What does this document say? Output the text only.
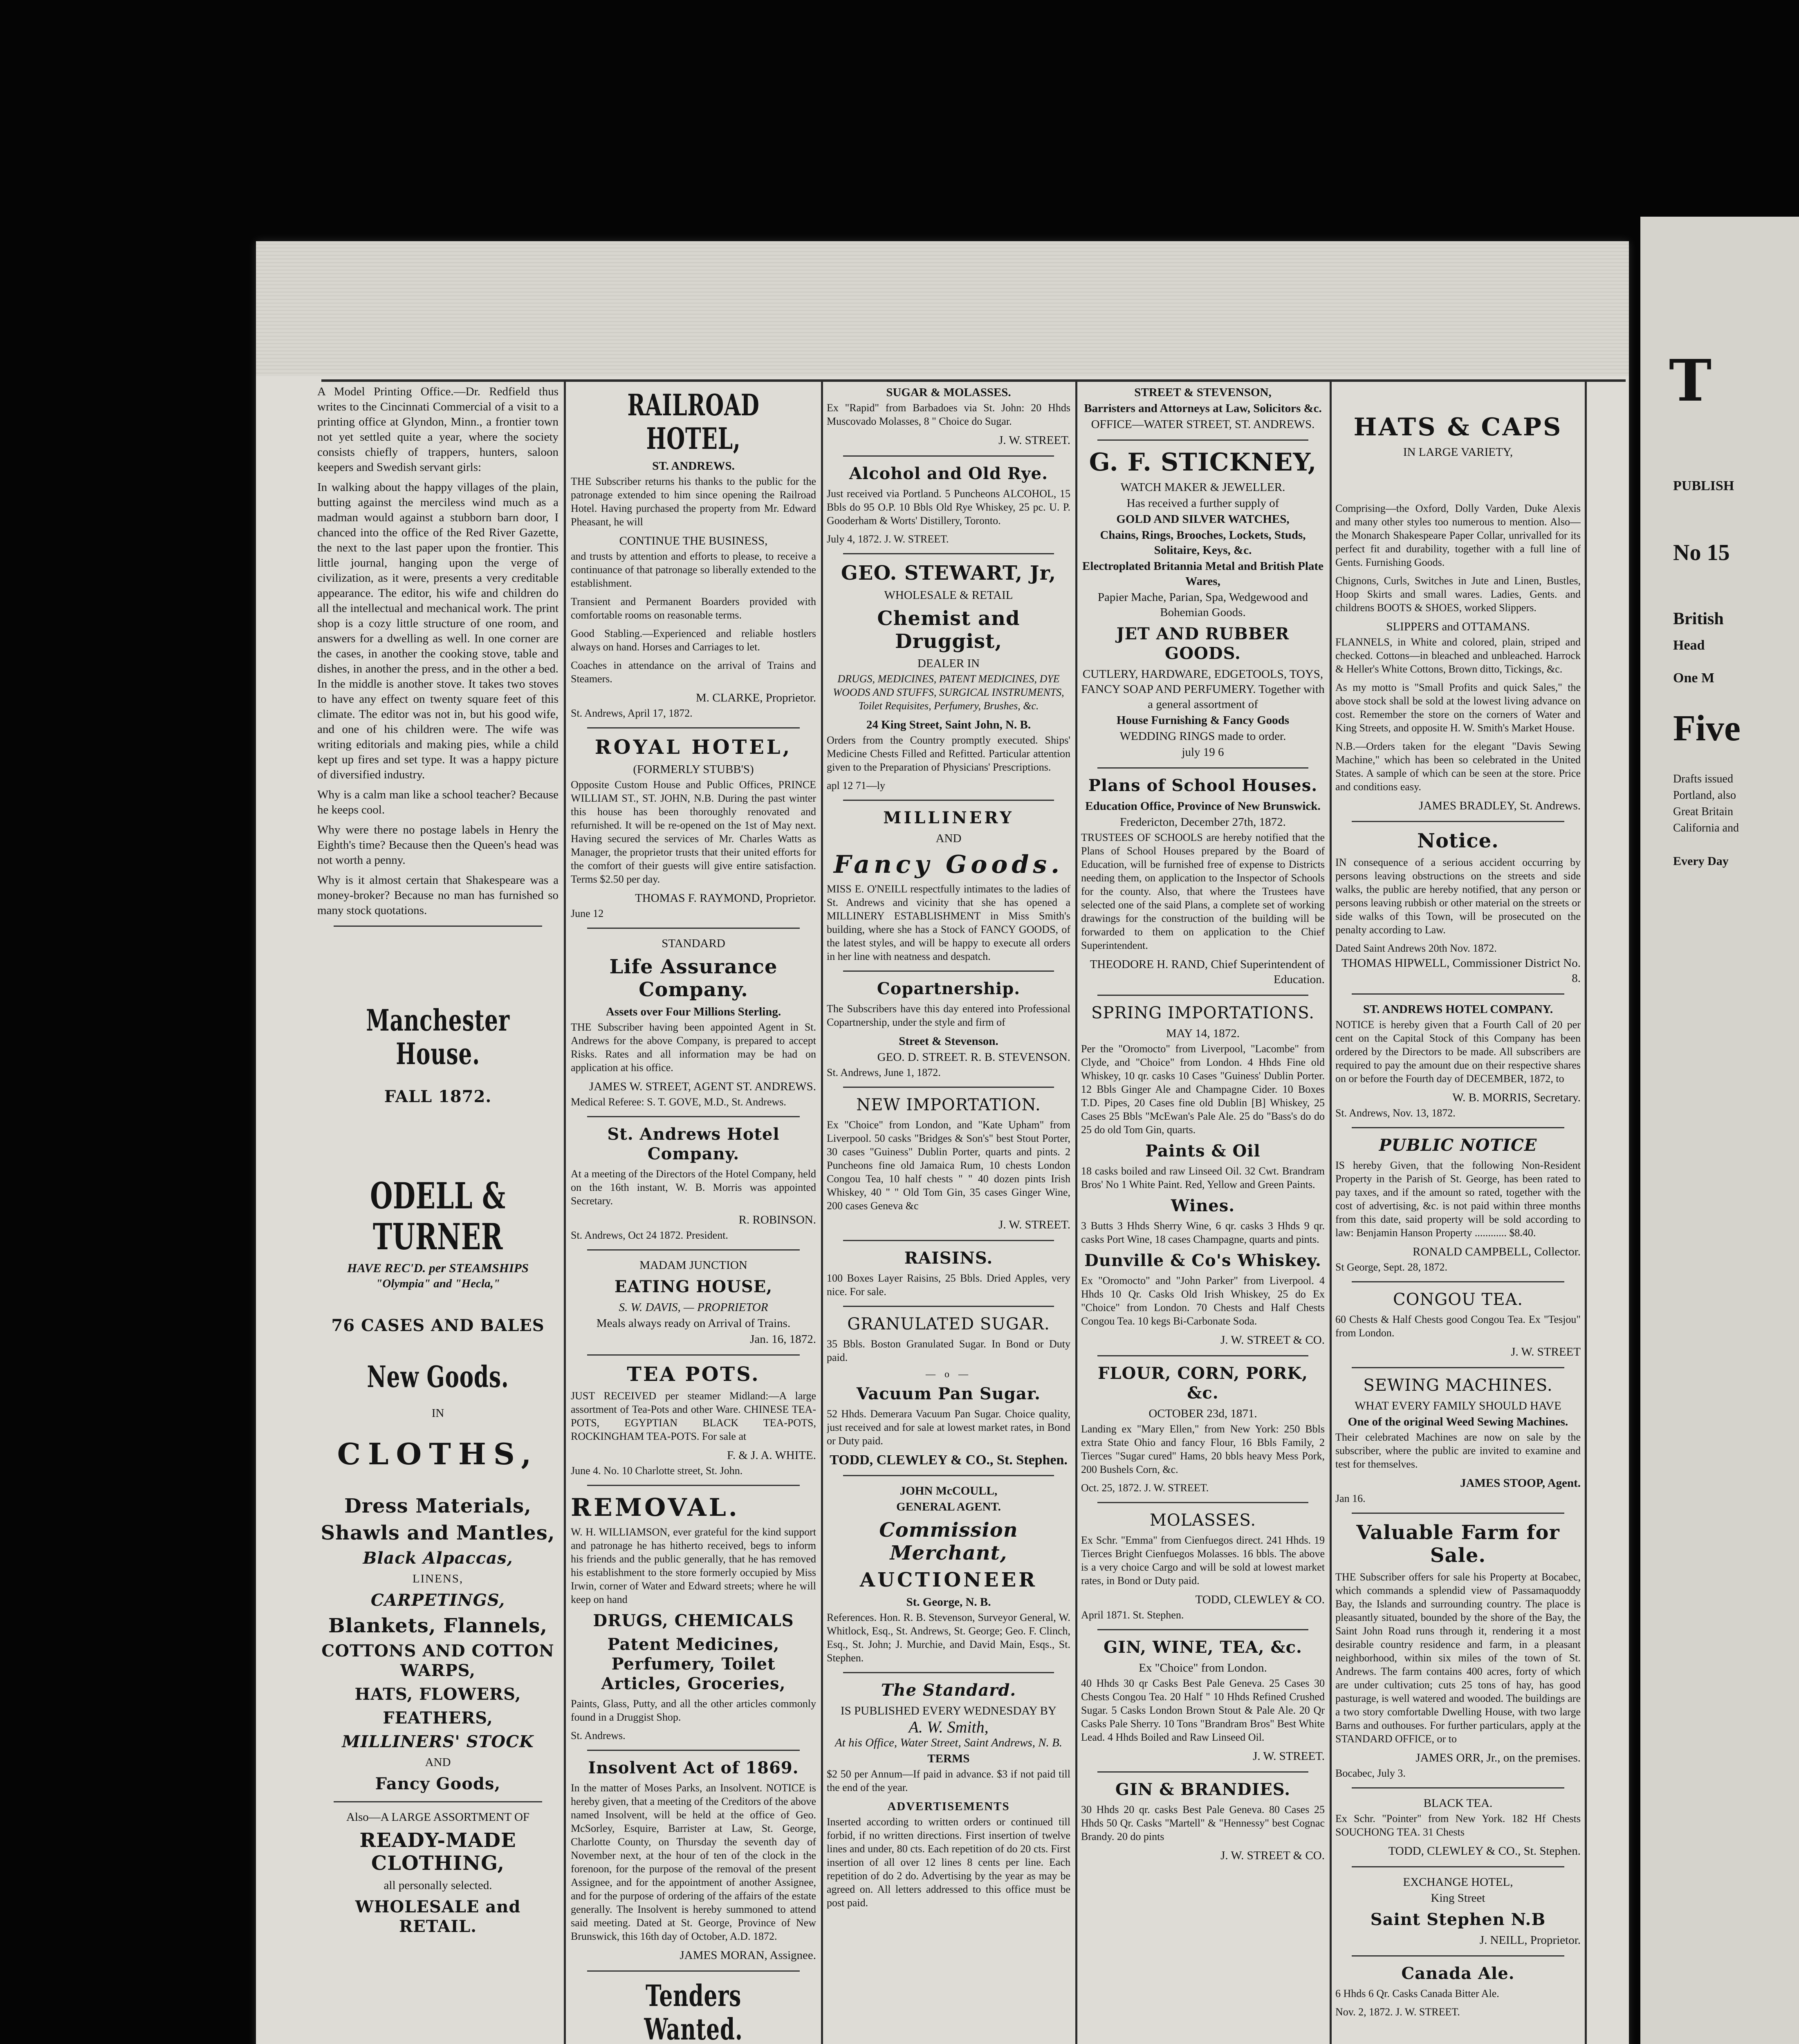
A Model Printing Office.—Dr. Redfield thus writes to the Cincinnati Commercial of a visit to a printing office at Glyndon, Minn., a frontier town not yet settled quite a year, where the society consists chiefly of trappers, hunters, saloon keepers and Swedish servant girls:

In walking about the happy villages of the plain, butting against the merciless wind much as a madman would against a stubborn barn door, I chanced into the office of the Red River Gazette, the next to the last paper upon the frontier. This little journal, hanging upon the verge of civilization, as it were, presents a very creditable appearance. The editor, his wife and children do all the intellectual and mechanical work. The print shop is a cozy little structure of one room, and answers for a dwelling as well. In one corner are the cases, in another the cooking stove, table and dishes, in another the press, and in the other a bed. In the middle is another stove. It takes two stoves to have any effect on twenty square feet of this climate. The editor was not in, but his good wife, and one of his children were. The wife was writing editorials and making pies, while a child kept up fires and set type. It was a happy picture of diversified industry.

Why is a calm man like a school teacher? Because he keeps cool.

Why were there no postage labels in Henry the Eighth's time? Because then the Queen's head was not worth a penny.

Why is it almost certain that Shakespeare was a money-broker? Because no man has furnished so many stock quotations.

Manchester House.
FALL 1872.
ODELL & TURNER
HAVE REC'D. per STEAMSHIPS
"Olympia" and "Hecla,"
76 CASES AND BALES
New Goods.
IN
CLOTHS,
Dress Materials,
Shawls and Mantles,
Black Alpaccas,
LINENS,
CARPETINGS,
Blankets, Flannels,
COTTONS AND COTTON WARPS,
HATS, FLOWERS,
FEATHERS,
MILLINERS' STOCK
AND
Fancy Goods,
Also—A LARGE ASSORTMENT OF
READY-MADE CLOTHING,
all personally selected.
WHOLESALE and RETAIL.
RAILROAD HOTEL,
ST. ANDREWS.

THE Subscriber returns his thanks to the public for the patronage extended to him since opening the Railroad Hotel. Having purchased the property from Mr. Edward Pheasant, he will

CONTINUE THE BUSINESS,

and trusts by attention and efforts to please, to receive a continuance of that patronage so liberally extended to the establishment.

Transient and Permanent Boarders provided with comfortable rooms on reasonable terms.

Good Stabling.—Experienced and reliable hostlers always on hand. Horses and Carriages to let.

Coaches in attendance on the arrival of Trains and Steamers.

M. CLARKE, Proprietor.
St. Andrews, April 17, 1872.
ROYAL HOTEL,
(FORMERLY STUBB'S)

Opposite Custom House and Public Offices, PRINCE WILLIAM ST., ST. JOHN, N.B. During the past winter this house has been thoroughly renovated and refurnished. It will be re-opened on the 1st of May next. Having secured the services of Mr. Charles Watts as Manager, the proprietor trusts that their united efforts for the comfort of their guests will give entire satisfaction. Terms $2.50 per day.

THOMAS F. RAYMOND, Proprietor.
June 12
STANDARD
Life Assurance Company.
Assets over Four Millions Sterling.

THE Subscriber having been appointed Agent in St. Andrews for the above Company, is prepared to accept Risks. Rates and all information may be had on application at his office.

JAMES W. STREET, AGENT ST. ANDREWS.
Medical Referee: S. T. GOVE, M.D., St. Andrews.
St. Andrews Hotel Company.

At a meeting of the Directors of the Hotel Company, held on the 16th instant, W. B. Morris was appointed Secretary.

R. ROBINSON.
St. Andrews, Oct 24 1872. President.
MADAM JUNCTION
EATING HOUSE,
S. W. DAVIS, — PROPRIETOR
Meals always ready on Arrival of Trains.
Jan. 16, 1872.
TEA POTS.

JUST RECEIVED per steamer Midland:—A large assortment of Tea-Pots and other Ware. CHINESE TEA-POTS, EGYPTIAN BLACK TEA-POTS, ROCKINGHAM TEA-POTS. For sale at

F. & J. A. WHITE.
June 4. No. 10 Charlotte street, St. John.
REMOVAL.

W. H. WILLIAMSON, ever grateful for the kind support and patronage he has hitherto received, begs to inform his friends and the public generally, that he has removed his establishment to the store formerly occupied by Miss Irwin, corner of Water and Edward streets; where he will keep on hand

DRUGS, CHEMICALS
Patent Medicines, Perfumery, Toilet Articles, Groceries,

Paints, Glass, Putty, and all the other articles commonly found in a Druggist Shop.

St. Andrews.
Insolvent Act of 1869.

In the matter of Moses Parks, an Insolvent. NOTICE is hereby given, that a meeting of the Creditors of the above named Insolvent, will be held at the office of Geo. McSorley, Esquire, Barrister at Law, St. George, Charlotte County, on Thursday the seventh day of November next, at the hour of ten of the clock in the forenoon, for the purpose of the removal of the present Assignee, and for the appointment of another Assignee, and for the purpose of ordering of the affairs of the estate generally. The Insolvent is hereby summoned to attend said meeting. Dated at St. George, Province of New Brunswick, this 16th day of October, A.D. 1872.

JAMES MORAN, Assignee.
Tenders Wanted.

SUGAR & MOLASSES.

Ex "Rapid" from Barbadoes via St. John: 20 Hhds Muscovado Molasses, 8 " Choice do Sugar.

J. W. STREET.
Alcohol and Old Rye.

Just received via Portland. 5 Puncheons ALCOHOL, 15 Bbls do 95 O.P. 10 Bbls Old Rye Whiskey, 25 pc. U. P. Gooderham & Worts' Distillery, Toronto.

July 4, 1872. J. W. STREET.
GEO. STEWART, Jr,
WHOLESALE & RETAIL
Chemist and Druggist,
DEALER IN

DRUGS, MEDICINES, PATENT MEDICINES, DYE WOODS AND STUFFS, SURGICAL INSTRUMENTS, Toilet Requisites, Perfumery, Brushes, &c.

24 King Street, Saint John, N. B.

Orders from the Country promptly executed. Ships' Medicine Chests Filled and Refitted. Particular attention given to the Preparation of Physicians' Prescriptions.

apl 12 71—ly
MILLINERY
AND
Fancy Goods.

MISS E. O'NEILL respectfully intimates to the ladies of St. Andrews and vicinity that she has opened a MILLINERY ESTABLISHMENT in Miss Smith's building, where she has a Stock of FANCY GOODS, of the latest styles, and will be happy to execute all orders in her line with neatness and despatch.

Copartnership.

The Subscribers have this day entered into Professional Copartnership, under the style and firm of

Street & Stevenson.
GEO. D. STREET. R. B. STEVENSON.
St. Andrews, June 1, 1872.
NEW IMPORTATION.

Ex "Choice" from London, and "Kate Upham" from Liverpool. 50 casks "Bridges & Son's" best Stout Porter, 30 cases "Guiness" Dublin Porter, quarts and pints. 2 Puncheons fine old Jamaica Rum, 10 chests London Congou Tea, 10 half chests " " 40 dozen pints Irish Whiskey, 40 " " Old Tom Gin, 35 cases Ginger Wine, 200 cases Geneva &c

J. W. STREET.
RAISINS.

100 Boxes Layer Raisins, 25 Bbls. Dried Apples, very nice. For sale.

GRANULATED SUGAR.

35 Bbls. Boston Granulated Sugar. In Bond or Duty paid.

— o —
Vacuum Pan Sugar.

52 Hhds. Demerara Vacuum Pan Sugar. Choice quality, just received and for sale at lowest market rates, in Bond or Duty paid.

TODD, CLEWLEY & CO., St. Stephen.
JOHN McCOULL,
GENERAL AGENT.
Commission Merchant,
AUCTIONEER
St. George, N. B.

References. Hon. R. B. Stevenson, Surveyor General, W. Whitlock, Esq., St. Andrews, St. George; Geo. F. Clinch, Esq., St. John; J. Murchie, and David Main, Esqs., St. Stephen.

The Standard.
IS PUBLISHED EVERY WEDNESDAY BY
A. W. Smith,
At his Office, Water Street, Saint Andrews, N. B.
TERMS

$2 50 per Annum—If paid in advance. $3 if not paid till the end of the year.

ADVERTISEMENTS

Inserted according to written orders or continued till forbid, if no written directions. First insertion of twelve lines and under, 80 cts. Each repetition of do 20 cts. First insertion of all over 12 lines 8 cents per line. Each repetition of do 2 do. Advertising by the year as may be agreed on. All letters addressed to this office must be post paid.

STREET & STEVENSON,
Barristers and Attorneys at Law, Solicitors &c.
OFFICE—WATER STREET, ST. ANDREWS.
G. F. STICKNEY,
WATCH MAKER & JEWELLER.
Has received a further supply of
GOLD AND SILVER WATCHES,
Chains, Rings, Brooches, Lockets, Studs, Solitaire, Keys, &c.
Electroplated Britannia Metal and British Plate Wares,
Papier Mache, Parian, Spa, Wedgewood and Bohemian Goods.
JET AND RUBBER GOODS.
CUTLERY, HARDWARE, EDGETOOLS, TOYS, FANCY SOAP AND PERFUMERY. Together with a general assortment of
House Furnishing & Fancy Goods
WEDDING RINGS made to order.
july 19 6
Plans of School Houses.
Education Office, Province of New Brunswick.
Fredericton, December 27th, 1872.

TRUSTEES OF SCHOOLS are hereby notified that the Plans of School Houses prepared by the Board of Education, will be furnished free of expense to Districts needing them, on application to the Inspector of Schools for the county. Also, that where the Trustees have selected one of the said Plans, a complete set of working drawings for the construction of the building will be forwarded to them on application to the Chief Superintendent.

THEODORE H. RAND, Chief Superintendent of Education.
SPRING IMPORTATIONS.
MAY 14, 1872.

Per the "Oromocto" from Liverpool, "Lacombe" from Clyde, and "Choice" from London. 4 Hhds Fine old Whiskey, 10 qr. casks 10 Cases "Guiness' Dublin Porter. 12 Bbls Ginger Ale and Champagne Cider. 10 Boxes T.D. Pipes, 20 Cases fine old Dublin [B] Whiskey, 25 Cases 25 Bbls "McEwan's Pale Ale. 25 do "Bass's do do 25 do old Tom Gin, quarts.

Paints & Oil

18 casks boiled and raw Linseed Oil. 32 Cwt. Brandram Bros' No 1 White Paint. Red, Yellow and Green Paints.

Wines.

3 Butts 3 Hhds Sherry Wine, 6 qr. casks 3 Hhds 9 qr. casks Port Wine, 18 cases Champagne, quarts and pints.

Dunville & Co's Whiskey.

Ex "Oromocto" and "John Parker" from Liverpool. 4 Hhds 10 Qr. Casks Old Irish Whiskey, 25 do Ex "Choice" from London. 70 Chests and Half Chests Congou Tea. 10 kegs Bi-Carbonate Soda.

J. W. STREET & CO.
FLOUR, CORN, PORK, &c.
OCTOBER 23d, 1871.

Landing ex "Mary Ellen," from New York: 250 Bbls extra State Ohio and fancy Flour, 16 Bbls Family, 2 Tierces "Sugar cured" Hams, 20 bbls heavy Mess Pork, 200 Bushels Corn, &c.

Oct. 25, 1872. J. W. STREET.
MOLASSES.

Ex Schr. "Emma" from Cienfuegos direct. 241 Hhds. 19 Tierces Bright Cienfuegos Molasses. 16 bbls. The above is a very choice Cargo and will be sold at lowest market rates, in Bond or Duty paid.

TODD, CLEWLEY & CO.
April 1871. St. Stephen.
GIN, WINE, TEA, &c.
Ex "Choice" from London.

40 Hhds 30 qr Casks Best Pale Geneva. 25 Cases 30 Chests Congou Tea. 20 Half " 10 Hhds Refined Crushed Sugar. 5 Casks London Brown Stout & Pale Ale. 20 Qr Casks Pale Sherry. 10 Tons "Brandram Bros" Best White Lead. 4 Hhds Boiled and Raw Linseed Oil.

J. W. STREET.
GIN & BRANDIES.

30 Hhds 20 qr. casks Best Pale Geneva. 80 Cases 25 Hhds 50 Qr. Casks "Martell" & "Hennessy" best Cognac Brandy. 20 do pints

J. W. STREET & CO.
HATS & CAPS
IN LARGE VARIETY,

Comprising—the Oxford, Dolly Varden, Duke Alexis and many other styles too numerous to mention. Also—the Monarch Shakespeare Paper Collar, unrivalled for its perfect fit and durability, together with a full line of Gents. Furnishing Goods.

Chignons, Curls, Switches in Jute and Linen, Bustles, Hoop Skirts and small wares. Ladies, Gents. and childrens BOOTS & SHOES, worked Slippers.

SLIPPERS and OTTAMANS.

FLANNELS, in White and colored, plain, striped and checked. Cottons—in bleached and unbleached. Harrock & Heller's White Cottons, Brown ditto, Tickings, &c.

As my motto is "Small Profits and quick Sales," the above stock shall be sold at the lowest living advance on cost. Remember the store on the corners of Water and King Streets, and opposite H. W. Smith's Market House.

N.B.—Orders taken for the elegant "Davis Sewing Machine," which has been so celebrated in the United States. A sample of which can be seen at the store. Price and conditions easy.

JAMES BRADLEY, St. Andrews.
Notice.

IN consequence of a serious accident occurring by persons leaving obstructions on the streets and side walks, the public are hereby notified, that any person or persons leaving rubbish or other material on the streets or side walks of this Town, will be prosecuted on the penalty according to Law.

Dated Saint Andrews 20th Nov. 1872.
THOMAS HIPWELL, Commissioner District No. 8.
ST. ANDREWS HOTEL COMPANY.

NOTICE is hereby given that a Fourth Call of 20 per cent on the Capital Stock of this Company has been ordered by the Directors to be made. All subscribers are required to pay the amount due on their respective shares on or before the Fourth day of DECEMBER, 1872, to

W. B. MORRIS, Secretary.
St. Andrews, Nov. 13, 1872.
PUBLIC NOTICE

IS hereby Given, that the following Non-Resident Property in the Parish of St. George, has been rated to pay taxes, and if the amount so rated, together with the cost of advertising, &c. is not paid within three months from this date, said property will be sold according to law: Benjamin Hanson Property ............ $8.40.

RONALD CAMPBELL, Collector.
St George, Sept. 28, 1872.
CONGOU TEA.

60 Chests & Half Chests good Congou Tea. Ex "Tesjou" from London.

J. W. STREET
SEWING MACHINES.
WHAT EVERY FAMILY SHOULD HAVE
One of the original Weed Sewing Machines.

Their celebrated Machines are now on sale by the subscriber, where the public are invited to examine and test for themselves.

JAMES STOOP, Agent.
Jan 16.
Valuable Farm for Sale.

THE Subscriber offers for sale his Property at Bocabec, which commands a splendid view of Passamaquoddy Bay, the Islands and surrounding country. The place is pleasantly situated, bounded by the shore of the Bay, the Saint John Road runs through it, rendering it a most desirable country residence and farm, in a pleasant neighborhood, within six miles of the town of St. Andrews. The farm contains 400 acres, forty of which are under cultivation; cuts 25 tons of hay, has good pasturage, is well watered and wooded. The buildings are a two story comfortable Dwelling House, with two large Barns and outhouses. For further particulars, apply at the STANDARD OFFICE, or to

JAMES ORR, Jr., on the premises.
Bocabec, July 3.
BLACK TEA.

Ex Schr. "Pointer" from New York. 182 Hf Chests SOUCHONG TEA. 31 Chests

TODD, CLEWLEY & CO., St. Stephen.
EXCHANGE HOTEL,
King Street
Saint Stephen N.B
J. NEILL, Proprietor.
Canada Ale.

6 Hhds 6 Qr. Casks Canada Bitter Ale.

Nov. 2, 1872. J. W. STREET.
T
PUBLISH
No 15
British
Head
One M
Five
Drafts issued
Portland, also
Great Britain
California and
Every Day
